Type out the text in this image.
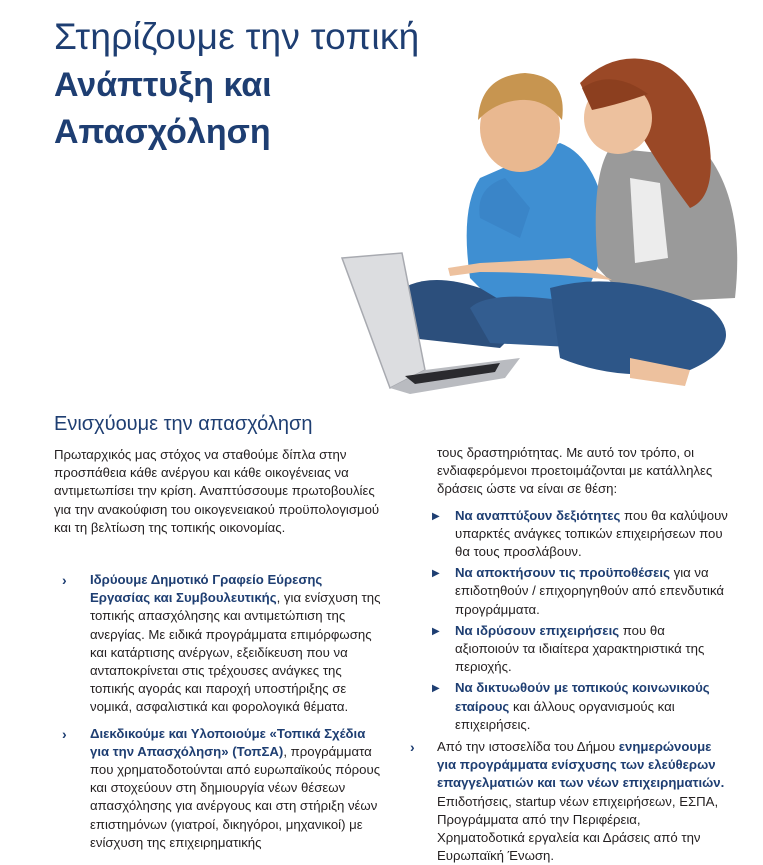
Στηρίζουμε την τοπική
Ανάπτυξη και
Απασχόληση
Ενισχύουμε την απασχόληση

Πρωταρχικός μας στόχος να σταθούμε δίπλα στην προσπάθεια κάθε ανέργου και κάθε οικογένειας να αντιμετωπίσει την κρίση. Αναπτύσσουμε πρωτοβουλίες για την ανακούφιση του οικογενειακού προϋπολογισμού και τη βελτίωση της τοπικής οικονομίας.

› Ιδρύουμε Δημοτικό Γραφείο Εύρεσης Εργασίας και Συμβουλευτικής, για ενίσχυση της τοπικής απασχόλησης και αντιμετώπιση της ανεργίας. Με ειδικά προγράμματα επιμόρφωσης και κατάρτισης ανέργων, εξειδίκευση που να ανταποκρίνεται στις τρέχουσες ανάγκες της τοπικής αγοράς και παροχή υποστήριξης σε νομικά, ασφαλιστικά και φορολογικά θέματα.
› Διεκδικούμε και Υλοποιούμε «Τοπικά Σχέδια για την Απασχόληση» (ΤοπΣΑ), προγράμματα που χρηματοδοτούνται από ευρωπαϊκούς πόρους και στοχεύουν στη δημιουργία νέων θέσεων απασχόλησης για ανέργους και στη στήριξη νέων επιστημόνων (γιατροί, δικηγόροι, μηχανικοί) με ενίσχυση της επιχειρηματικής
τους δραστηριότητας. Με αυτό τον τρόπο, οι ενδιαφερόμενοι προετοιμάζονται με κατάλληλες δράσεις ώστε να είναι σε θέση:
▶ Να αναπτύξουν δεξιότητες που θα καλύψουν υπαρκτές ανάγκες τοπικών επιχειρήσεων που θα τους προσλάβουν.
▶ Να αποκτήσουν τις προϋποθέσεις για να επιδοτηθούν / επιχορηγηθούν από επενδυτικά προγράμματα.
▶ Να ιδρύσουν επιχειρήσεις που θα αξιοποιούν τα ιδιαίτερα χαρακτηριστικά της περιοχής.
▶ Να δικτυωθούν με τοπικούς κοινωνικούς εταίρους και άλλους οργανισμούς και επιχειρήσεις.
› Από την ιστοσελίδα του Δήμου ενημερώνουμε για προγράμματα ενίσχυσης των ελεύθερων επαγγελματιών και των νέων επιχειρηματιών. Επιδοτήσεις, startup νέων επιχειρήσεων, ΕΣΠΑ, Προγράμματα από την Περιφέρεια, Χρηματοδοτικά εργαλεία και Δράσεις από την Ευρωπαϊκή Ένωση.
